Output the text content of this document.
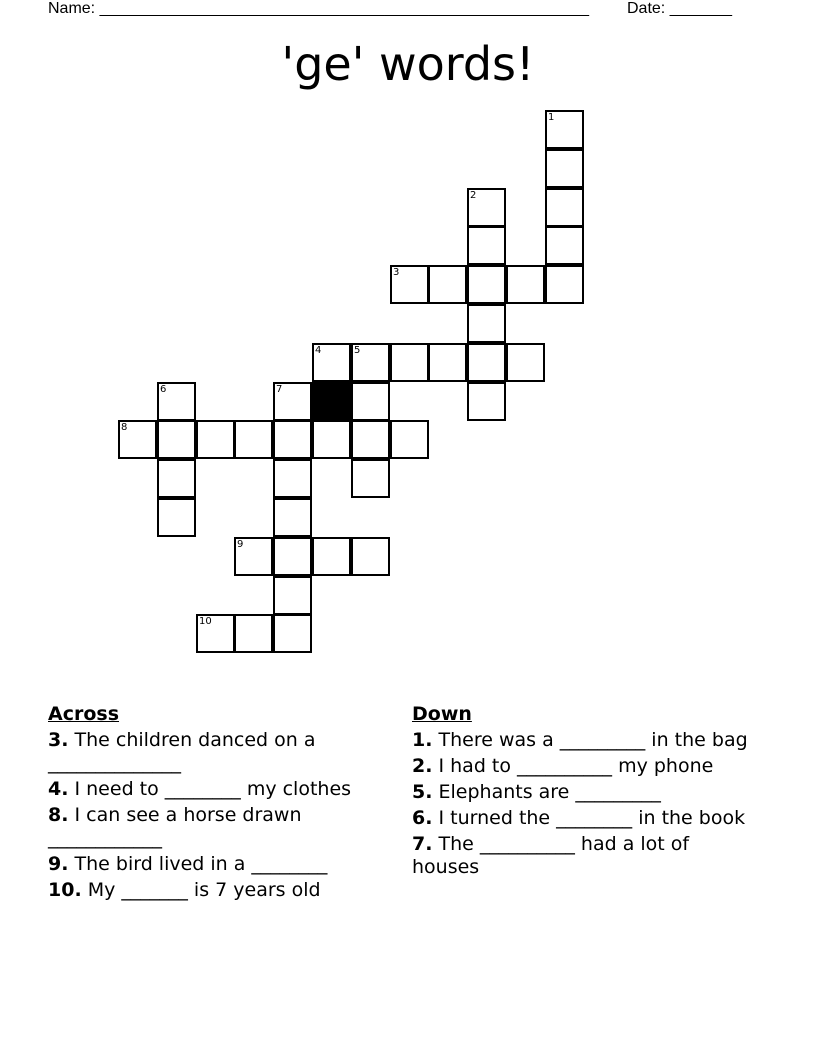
Name: _______________________________________________________ Date: _______
'ge' words!
1
2
3
4	5
6	7
8
9
10
Across
3. The children danced on a ______________
4. I need to ________ my clothes
8. I can see a horse drawn ____________
9. The bird lived in a ________
10. My _______ is 7 years old
Down
1. There was a _________ in the bag
2. I had to __________ my phone
5. Elephants are _________
6. I turned the ________ in the book
7. The __________ had a lot of houses
